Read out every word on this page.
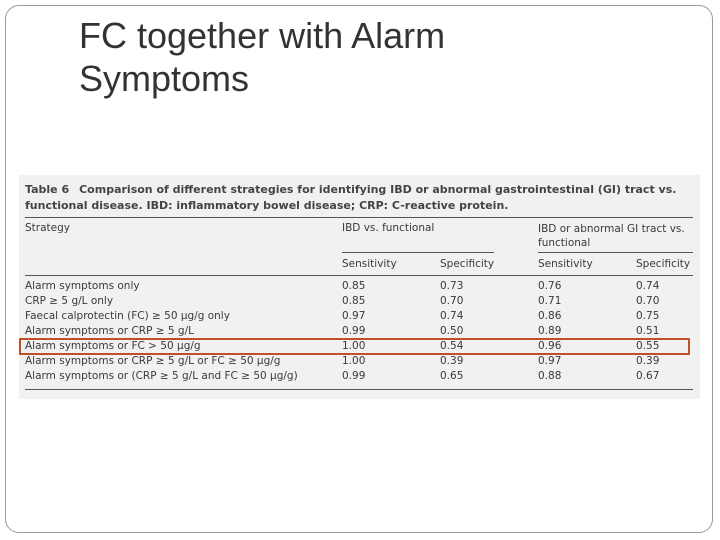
FC together with Alarm
Symptoms
Table 6 Comparison of different strategies for identifying IBD or abnormal gastrointestinal (GI) tract vs. functional disease. IBD: inflammatory bowel disease; CRP: C-reactive protein.
Strategy	IBD vs. functional	IBD or abnormal GI tract vs. functional
Sensitivity	Specificity	Sensitivity	Specificity
Alarm symptoms only	0.85	0.73	0.76	0.74
CRP ≥ 5 g/L only	0.85	0.70	0.71	0.70
Faecal calprotectin (FC) ≥ 50 μg/g only	0.97	0.74	0.86	0.75
Alarm symptoms or CRP ≥ 5 g/L	0.99	0.50	0.89	0.51
Alarm symptoms or FC > 50 μg/g	1.00	0.54	0.96	0.55
Alarm symptoms or CRP ≥ 5 g/L or FC ≥ 50 μg/g	1.00	0.39	0.97	0.39
Alarm symptoms or (CRP ≥ 5 g/L and FC ≥ 50 μg/g)	0.99	0.65	0.88	0.67
